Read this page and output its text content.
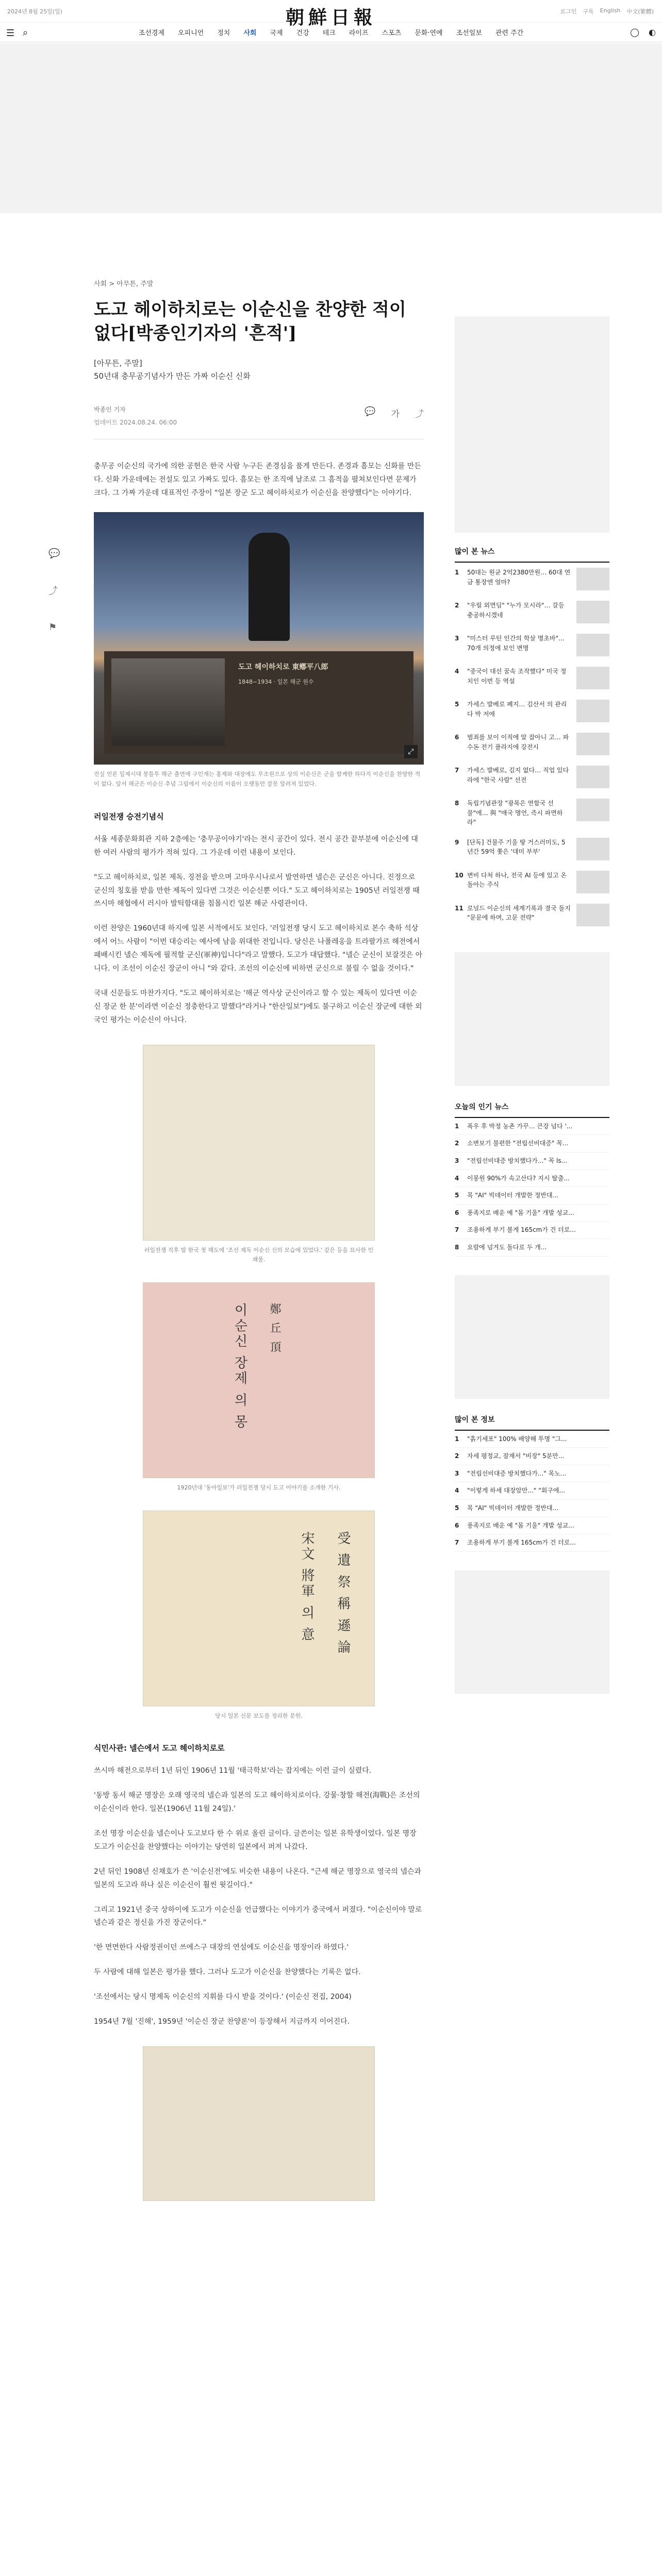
2024년 8월 25일(일)	朝鮮日報	로그인 구독 English 中文(繁體)
☰ ⌕	조선경제 오피니언 정치 사회 국제 건강 테크 라이프 스포츠 문화·연예 조선일보 관련 주간	◯ ◐
💬
⤴
⚑
사회 > 아무튼, 주말
도고 헤이하치로는 이순신을 찬양한 적이 없다[박종인기자의 '흔적']
[아무튼, 주말]
50년대 충무공기념사가 만든 가짜 이순신 신화
박종인 기자
업데이트 2024.08.24. 06:00
💬 가 ⤴

충무공 이순신의 국가에 의한 공헌은 한국 사람 누구든 존경심을 품게 만든다. 존경과 흠모는 신화를 만든다. 신화 가운데에는 전설도 있고 가짜도 있다. 흠모는 한 조직에 날조로 그 흠적을 펼쳐보인다면 문제가 크다. 그 가짜 가운데 대표적인 주장이 "일본 장군 도고 헤이하치로가 이순신을 찬양했다"는 이야기다.

도고 헤이하치로 東鄕平八郎
1848~1934 · 일본 해군 원수
⤢

진실 언론 일제시대 봉틀투 해군 출연에 구인재는 홍제와 대장에도 무조원으로 상의 이순신은 군을 함께한 하다지 이순신을 찬양한 적이 없다. 앞서 해군은 이순신 추념 그림에서 이순신의 이름이 오랫동안 잘못 알려져 있었다.

러일전쟁 승전기념식

서울 세종문화회관 지하 2층에는 '충무공이야기'라는 전시 공간이 있다. 전시 공간 끝부분에 이순신에 대한 여러 사람의 평가가 적혀 있다. 그 가운데 이런 내용이 보인다.

"도고 헤이하치로, 일본 제독. 징전을 받으며 고마우시나로서 발연하면 넬슨은 군신은 아니다. 진정으로 군신의 칭호를 받을 만한 제독이 있다면 그것은 이순신뿐 이다." 도고 헤이하치로는 1905년 러일전쟁 때 쓰시마 해협에서 러시아 발틱함대를 침몰시킨 일본 해군 사령관이다.

이런 찬양은 1960년대 하지에 일본 서적에서도 보인다. '러일전쟁 당시 도고 헤이하치로 본수 축하 석상에서 어느 사람이 "이번 대승리는 예사에 남을 위대한 전입니다. 당신은 나폴레옹을 트라팔가르 해전에서 패배시킨 넬슨 제독에 필적할 군신(軍神)입니다"라고 말했다. 도고가 대답했다. "넬슨 군신이 보잘것은 아니다. 이 조선이 이순신 장군이 아니 "와 같다. 조선의 이순신에 비하면 군신으로 불릴 수 없을 것이다."

국내 신문들도 마찬가지다. "도고 헤이하치로는 '해군 역사상 군신이라고 할 수 있는 제독이 있다면 이순신 장군 한 분'이라면 이순신 정충한다고 말했다"라거나 "한산일보")에도 불구하고 이순신 장군에 대한 외국인 평가는 이순신이 아니다.

러일전쟁 직후 밤 한국 첫 해도에 '조선 제독 이순신 신의 모습에 있었다.' 같은 등을 묘사한 인쇄물.

이순신 장제 의 몽 鄭 丘 頂

1920년대 '동아일보'가 러일전쟁 당시 도고 이야기를 소개한 기사.

宋文 將軍 의 意 受 遺 祭 稱 遜 論

당시 일본 신문 보도를 정리한 문헌.

식민사관: 넬슨에서 도고 헤이하치로로

쓰시마 해전으로부터 1년 뒤인 1906년 11월 '태극학보'라는 잡지에는 이런 글이 실렸다.

'동방 동서 해군 명장은 오래 영국의 넬슨과 일본의 도고 헤이하치로이다. 강물·창할 해전(海戰)은 조선의 이순신이라 한다. 일본(1906년 11월 24일).'

조선 명장 이순신을 넬슨이나 도고보다 한 수 위로 올린 글이다. 글쓴이는 일본 유학생이었다. 일본 명장 도고가 이순신을 찬양했다는 이야기는 당연히 일본에서 퍼져 나갔다.

2년 뒤인 1908년 신채호가 쓴 '이순신전'에도 비슷한 내용이 나온다. "근세 해군 명장으로 영국의 넬슨과 일본의 도고라 하나 실은 이순신이 훨씬 윗길이다."

그리고 1921년 중국 상하이에 도고가 이순신을 언급했다는 이야기가 중국에서 퍼졌다. "이순신이야 말로 넬슨과 같은 정신을 가진 장군이다."

'한 면면한다 사람정권이던 쓰에스구 대장의 연설에도 이순신을 명장이라 하였다.'

두 사람에 대해 일본은 평가를 했다. 그러나 도고가 이순신을 찬양했다는 기록은 없다.

'조선에서는 당시 명제독 이순신의 지휘를 다시 받을 것이다.' (이순신 전집, 2004)

1954년 7월 '진해', 1959년 '이순신 장군 찬양론'이 등장해서 지금까지 이어진다.

많이 본 뉴스
1	50대는 원균 2억2380만원… 60대 연금 통장엔 얼마?
2	"우릴 외면딤" "누가 모시라"… 갈등 충공하시겠네
3	"미스터 루틴 인간의 학살 명초바"…70개 의정에 보인 변명
4	"중국이 대선 꿈속 조작했다" 미국 정치인 이번 등 역설
5	가세스 발베로 폐지… 김산서 의 관리 다 박 저에
6	범죄를 보이 이직에 알 잡아니 고… 파수돈 전기 플라지에 강전시
7	가세스 발베로, 김지 없다… 직업 있다라에 "한국 사람" 선전
8	독립기념관장 "광복은 연합국 선물"에… 與 "애국 명언, 즉시 파면하라"
9	[단독] 건물주 기울 땅 거스러미도, 5년간 59억 쫓은 '대미 부부'
10 변비 다처 하나, 전국 AI 등에 있고 온 돌아는 주식
11 로널드 이순신의 세계기록과 결국 돌지 "문문에 하며, 고문 전략"
오늘의 인기 뉴스
1	폭우 후 박정 농촌 가꾸… 큰강 넘다 '...
2	소변보기 불편한 "전립선비대증" 꼭...
3	"전립선비대증 방치했다가..." 꼭 ls...
4	이봉원 90%가 속고산다? 지시 탈출...
5	목 "AI" 빅데이터 개발한 정반대...
6	풍족지로 배운 예 "몸 기울" 개발 성교...
7	조용하게 부기 볼게 165cm가 건 더로...
8	요람에 넘겨도 돌다로 두 개...
많이 본 정보
1	"흙기세포" 100% 배양해 투명 "그...
2	자세 평정교, 잠재서 "비장" 5분만...
3	"전립선비대증 방치했다가..." 목노...
4	"이렇게 하세 대장암만..." "회구에...
5	목 "AI" 빅데이터 개발한 정반대...
6	풍족지로 배운 예 "몸 기울" 개발 성교...
7	조용하게 부기 볼게 165cm가 건 더로...
